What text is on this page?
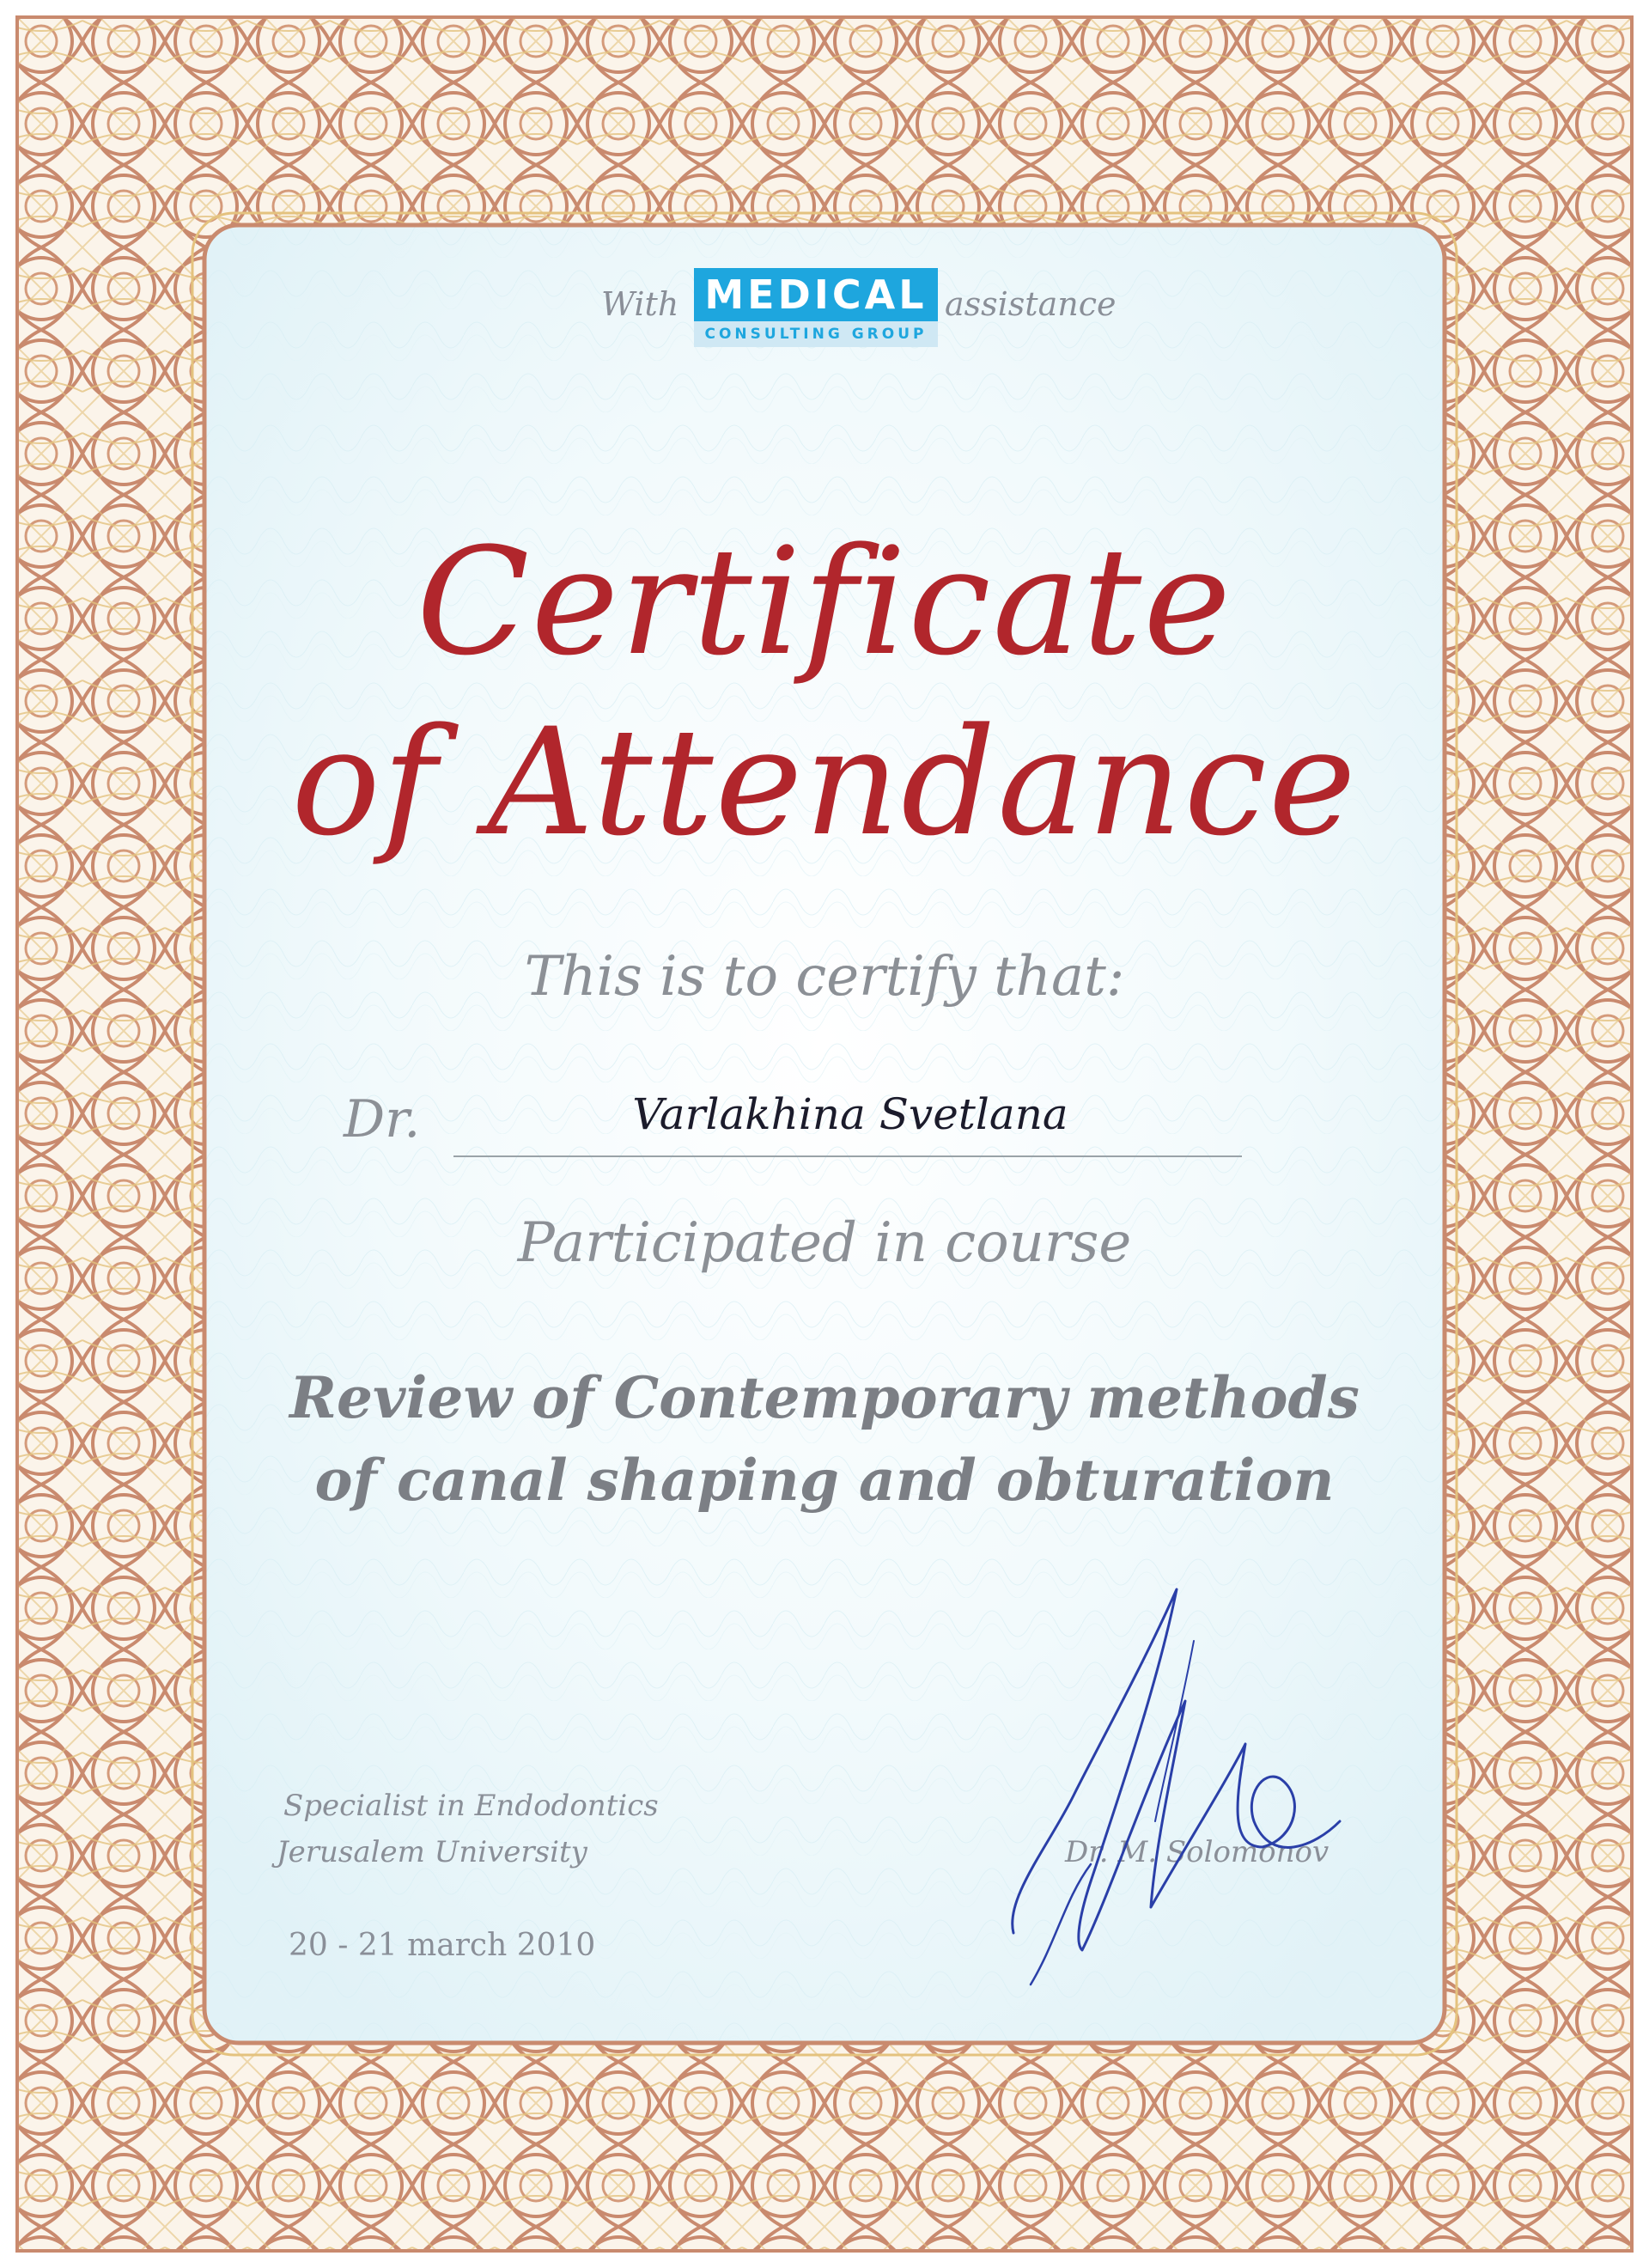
With MEDICAL
CONSULTING GROUP
assistance
Certificate
of Attendance
This is to certify that:
Dr.	Varlakhina Svetlana
Participated in course
Review of Contemporary methods
of canal shaping and obturation
Specialist in Endodontics
Jerusalem University
20 - 21 march 2010
Dr. M. Solomonov
